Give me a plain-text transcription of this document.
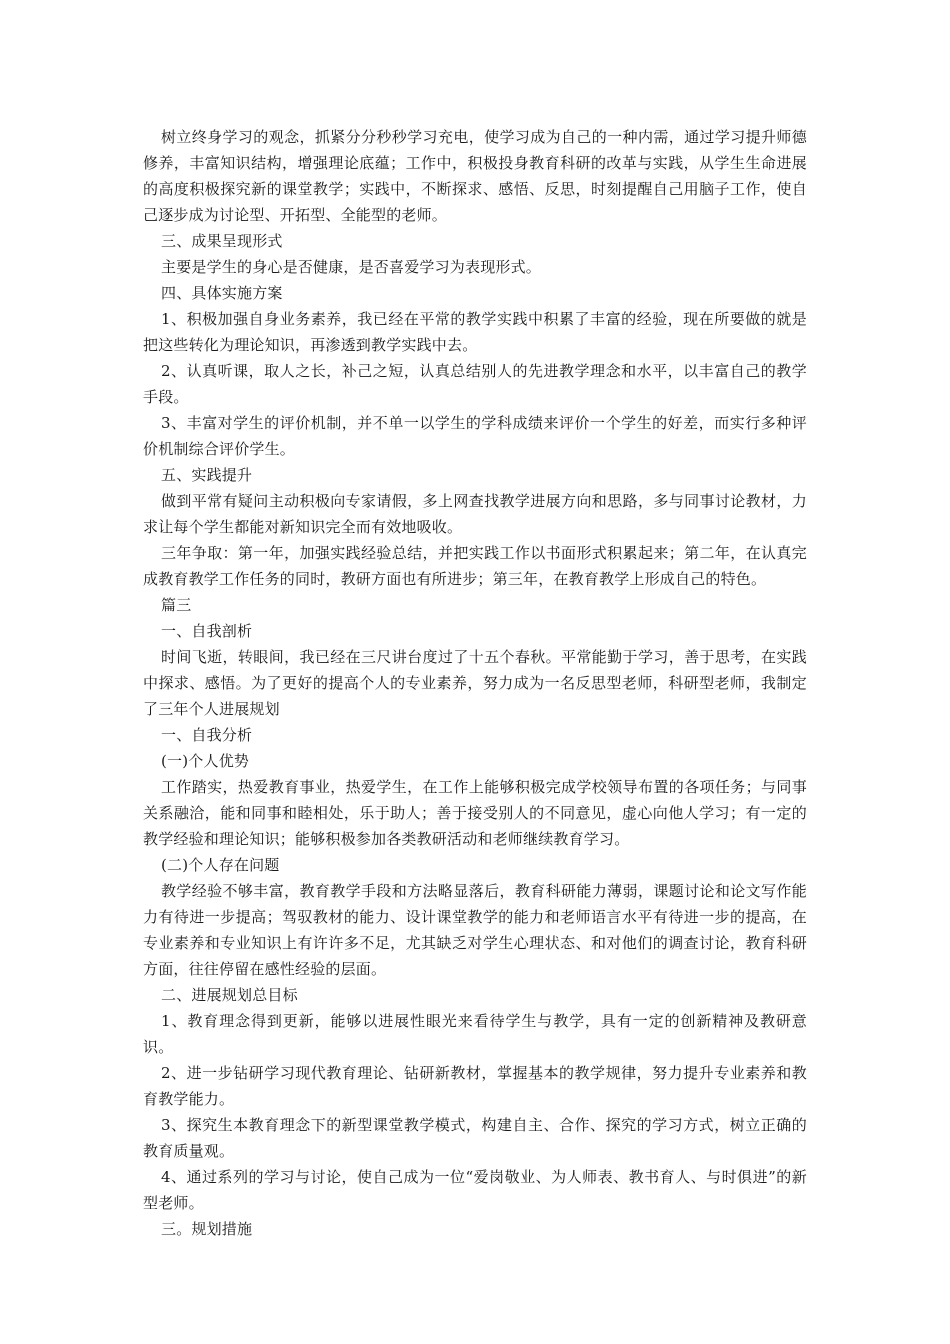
树立终身学习的观念，抓紧分分秒秒学习充电，使学习成为自己的一种内需，通过学习提升师德修养，丰富知识结构，增强理论底蕴；工作中，积极投身教育科研的改革与实践，从学生生命进展的高度积极探究新的课堂教学；实践中，不断探求、感悟、反思，时刻提醒自己用脑子工作，使自己逐步成为讨论型、开拓型、全能型的老师。

三、成果呈现形式

主要是学生的身心是否健康，是否喜爱学习为表现形式。

四、具体实施方案

1、积极加强自身业务素养，我已经在平常的教学实践中积累了丰富的经验，现在所要做的就是把这些转化为理论知识，再渗透到教学实践中去。

2、认真听课，取人之长，补己之短，认真总结别人的先进教学理念和水平，以丰富自己的教学手段。

3、丰富对学生的评价机制，并不单一以学生的学科成绩来评价一个学生的好差，而实行多种评价机制综合评价学生。

五、实践提升

做到平常有疑问主动积极向专家请假，多上网查找教学进展方向和思路，多与同事讨论教材，力求让每个学生都能对新知识完全而有效地吸收。

三年争取：第一年，加强实践经验总结，并把实践工作以书面形式积累起来；第二年，在认真完成教育教学工作任务的同时，教研方面也有所进步；第三年，在教育教学上形成自己的特色。

篇三

一、自我剖析

时间飞逝，转眼间，我已经在三尺讲台度过了十五个春秋。平常能勤于学习，善于思考，在实践中探求、感悟。为了更好的提高个人的专业素养，努力成为一名反思型老师，科研型老师，我制定了三年个人进展规划

一、自我分析

(一)个人优势

工作踏实，热爱教育事业，热爱学生，在工作上能够积极完成学校领导布置的各项任务；与同事关系融洽，能和同事和睦相处，乐于助人；善于接受别人的不同意见，虚心向他人学习；有一定的教学经验和理论知识；能够积极参加各类教研活动和老师继续教育学习。

(二)个人存在问题

教学经验不够丰富，教育教学手段和方法略显落后，教育科研能力薄弱，课题讨论和论文写作能力有待进一步提高；驾驭教材的能力、设计课堂教学的能力和老师语言水平有待进一步的提高，在专业素养和专业知识上有许许多不足，尤其缺乏对学生心理状态、和对他们的调查讨论，教育科研方面，往往停留在感性经验的层面。

二、进展规划总目标

1、教育理念得到更新，能够以进展性眼光来看待学生与教学，具有一定的创新精神及教研意识。

2、进一步钻研学习现代教育理论、钻研新教材，掌握基本的教学规律，努力提升专业素养和教育教学能力。

3、探究生本教育理念下的新型课堂教学模式，构建自主、合作、探究的学习方式，树立正确的教育质量观。

4、通过系列的学习与讨论，使自己成为一位“爱岗敬业、为人师表、教书育人、与时俱进”的新型老师。

三。规划措施
